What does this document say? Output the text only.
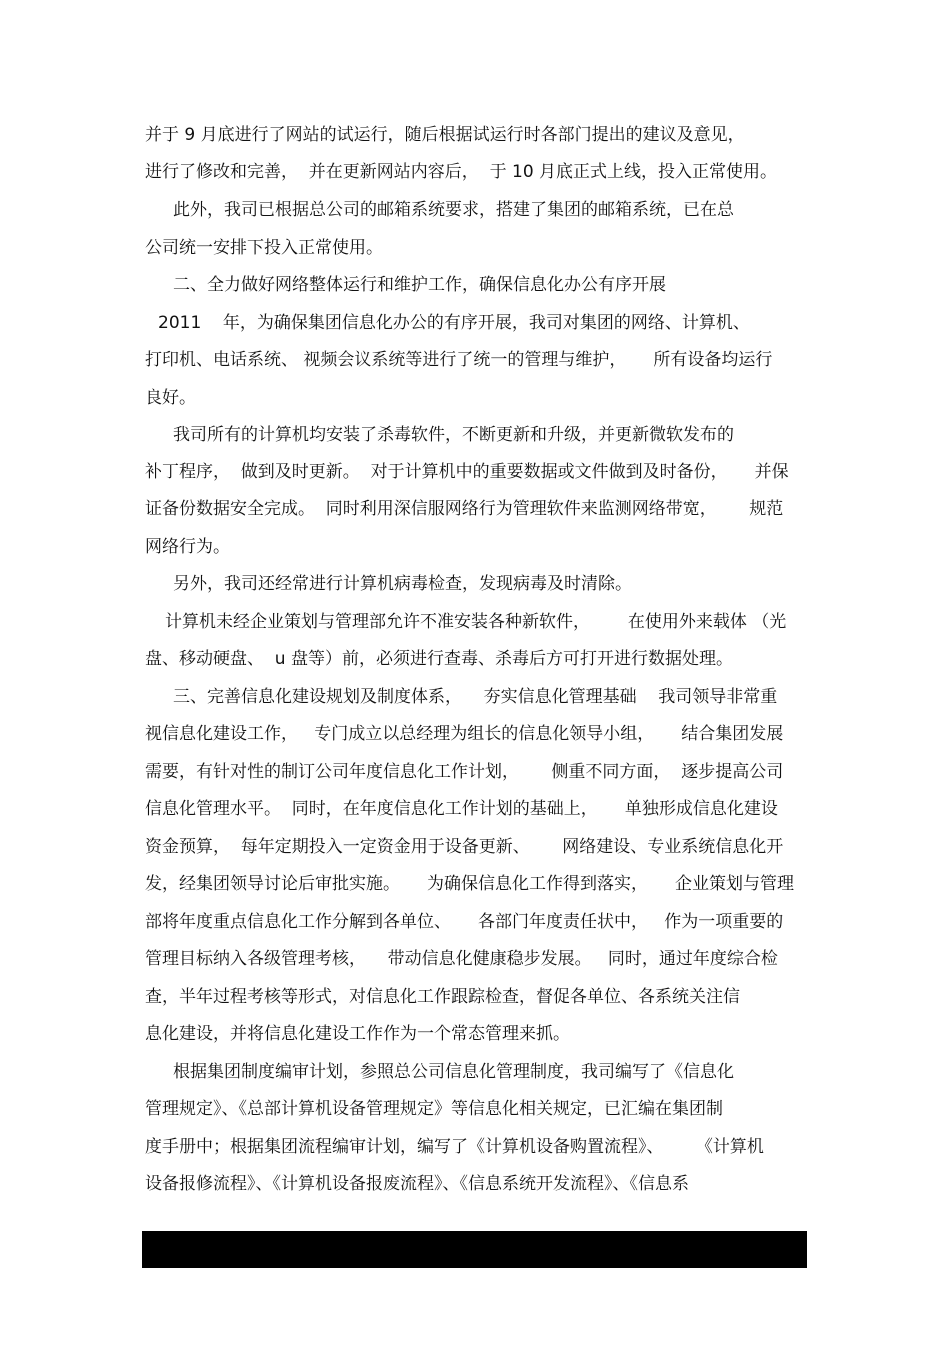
并于 9 月底进行了网站的试运行，随后根据试运行时各部门提出的建议及意见，
进行了修改和完善，  并在更新网站内容后，  于 10 月底正式上线，投入正常使用。
此外，我司已根据总公司的邮箱系统要求，搭建了集团的邮箱系统，已在总
公司统一安排下投入正常使用。
二、全力做好网络整体运行和维护工作，确保信息化办公有序开展
2011    年，为确保集团信息化办公的有序开展，我司对集团的网络、计算机、
打印机、电话系统、 视频会议系统等进行了统一的管理与维护，     所有设备均运行
良好。
我司所有的计算机均安装了杀毒软件，不断更新和升级，并更新微软发布的
补丁程序，  做到及时更新。  对于计算机中的重要数据或文件做到及时备份，     并保
证备份数据安全完成。  同时利用深信服网络行为管理软件来监测网络带宽，      规范
网络行为。
另外，我司还经常进行计算机病毒检查，发现病毒及时清除。
计算机未经企业策划与管理部允许不准安装各种新软件，       在使用外来载体 （光
盘、移动硬盘、  u 盘等）前，必须进行查毒、杀毒后方可打开进行数据处理。
三、完善信息化建设规划及制度体系，    夯实信息化管理基础    我司领导非常重
视信息化建设工作，   专门成立以总经理为组长的信息化领导小组，     结合集团发展
需要，有针对性的制订公司年度信息化工作计划，      侧重不同方面，  逐步提高公司
信息化管理水平。  同时，在年度信息化工作计划的基础上，     单独形成信息化建设
资金预算，  每年定期投入一定资金用于设备更新、      网络建设、专业系统信息化开
发，经集团领导讨论后审批实施。     为确保信息化工作得到落实，     企业策划与管理
部将年度重点信息化工作分解到各单位、     各部门年度责任状中，   作为一项重要的
管理目标纳入各级管理考核，    带动信息化健康稳步发展。   同时，通过年度综合检
查，半年过程考核等形式，对信息化工作跟踪检查，督促各单位、各系统关注信
息化建设，并将信息化建设工作作为一个常态管理来抓。
根据集团制度编审计划，参照总公司信息化管理制度，我司编写了《信息化
管理规定》、《总部计算机设备管理规定》等信息化相关规定，已汇编在集团制
度手册中；根据集团流程编审计划，编写了《计算机设备购置流程》、      《计算机
设备报修流程》、《计算机设备报废流程》、《信息系统开发流程》、《信息系
